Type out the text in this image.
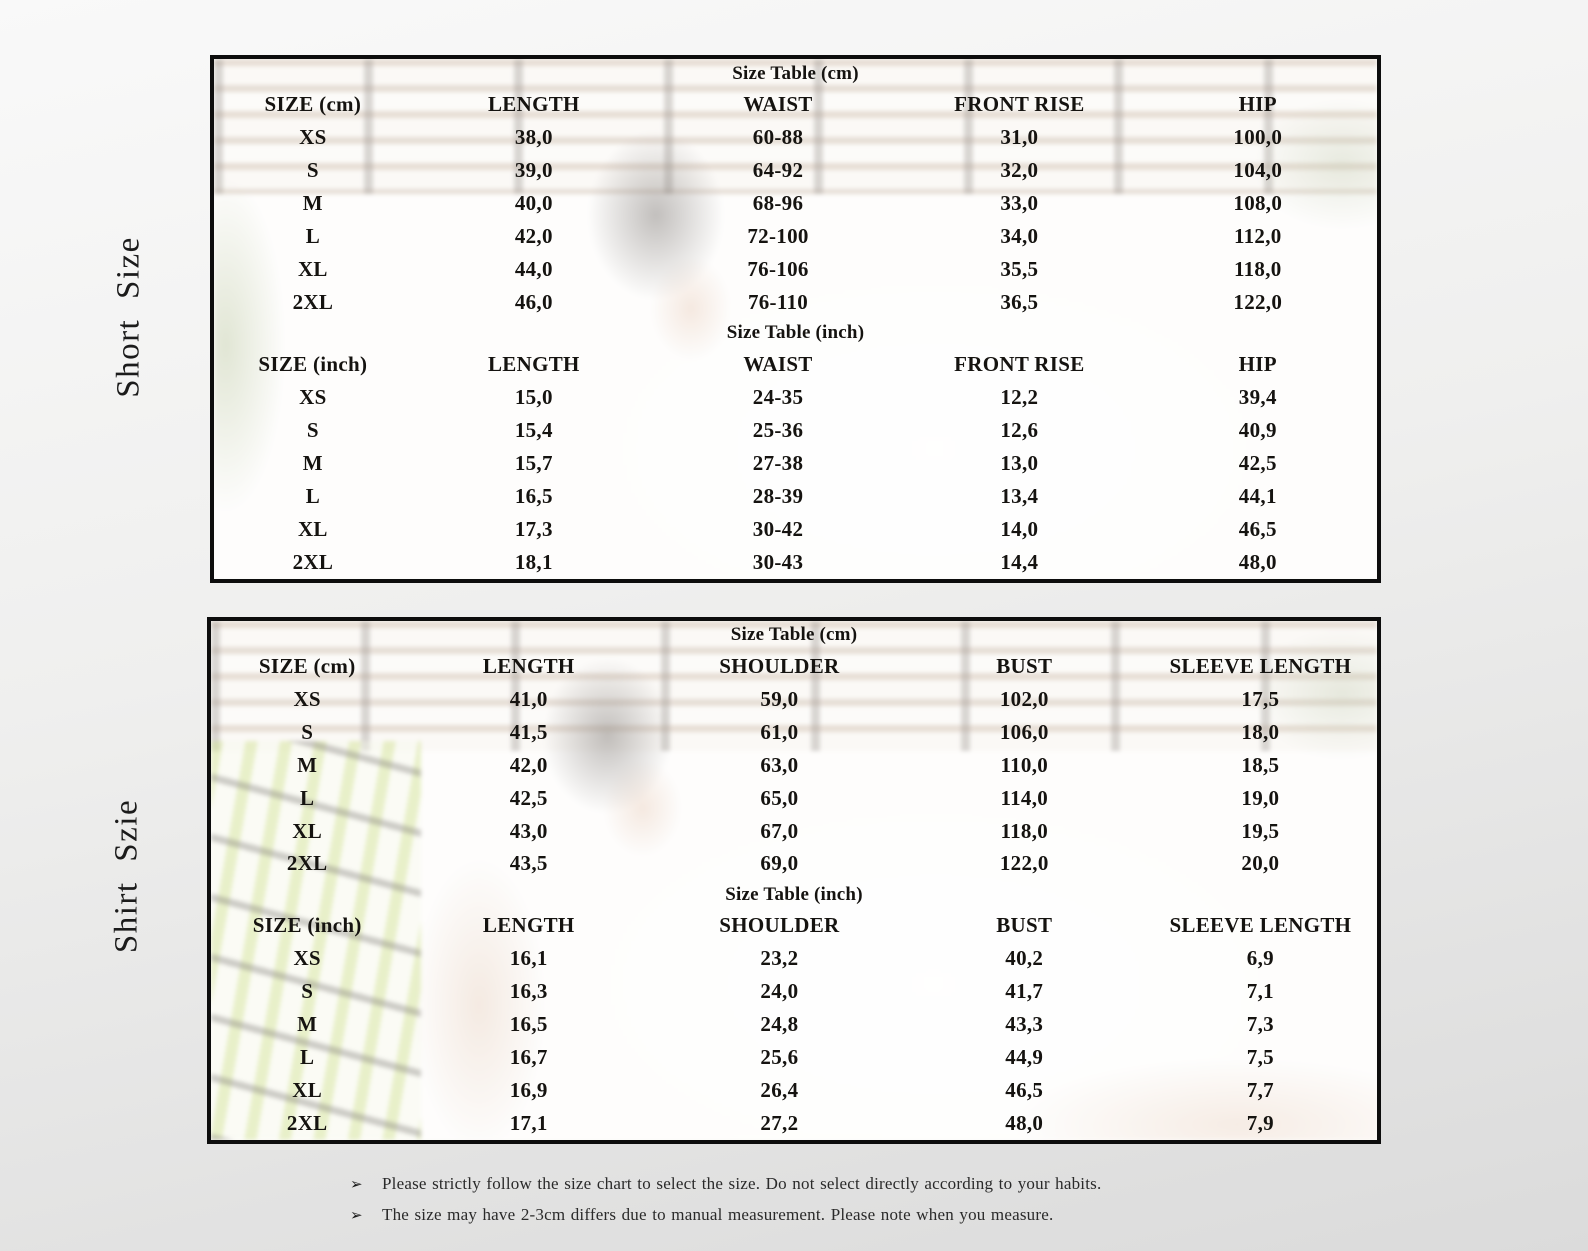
Short Size
Shirt Szie
Size Table (cm)				
SIZE (cm)	LENGTH	WAIST	FRONT RISE	HIP
XS	38,0	60-88	31,0	100,0
S	39,0	64-92	32,0	104,0
M	40,0	68-96	33,0	108,0
L	42,0	72-100	34,0	112,0
XL	44,0	76-106	35,5	118,0
2XL	46,0	76-110	36,5	122,0
Size Table (inch)				
SIZE (inch)	LENGTH	WAIST	FRONT RISE	HIP
XS	15,0	24-35	12,2	39,4
S	15,4	25-36	12,6	40,9
M	15,7	27-38	13,0	42,5
L	16,5	28-39	13,4	44,1
XL	17,3	30-42	14,0	46,5
2XL	18,1	30-43	14,4	48,0
Size Table (cm)				
SIZE (cm)	LENGTH	SHOULDER	BUST	SLEEVE LENGTH
XS	41,0	59,0	102,0	17,5
S	41,5	61,0	106,0	18,0
M	42,0	63,0	110,0	18,5
L	42,5	65,0	114,0	19,0
XL	43,0	67,0	118,0	19,5
2XL	43,5	69,0	122,0	20,0
Size Table (inch)				
SIZE (inch)	LENGTH	SHOULDER	BUST	SLEEVE LENGTH
XS	16,1	23,2	40,2	6,9
S	16,3	24,0	41,7	7,1
M	16,5	24,8	43,3	7,3
L	16,7	25,6	44,9	7,5
XL	16,9	26,4	46,5	7,7
2XL	17,1	27,2	48,0	7,9
➢	Please strictly follow the size chart to select the size. Do not select directly according to your habits.
➢	The size may have 2-3cm differs due to manual measurement. Please note when you measure.
